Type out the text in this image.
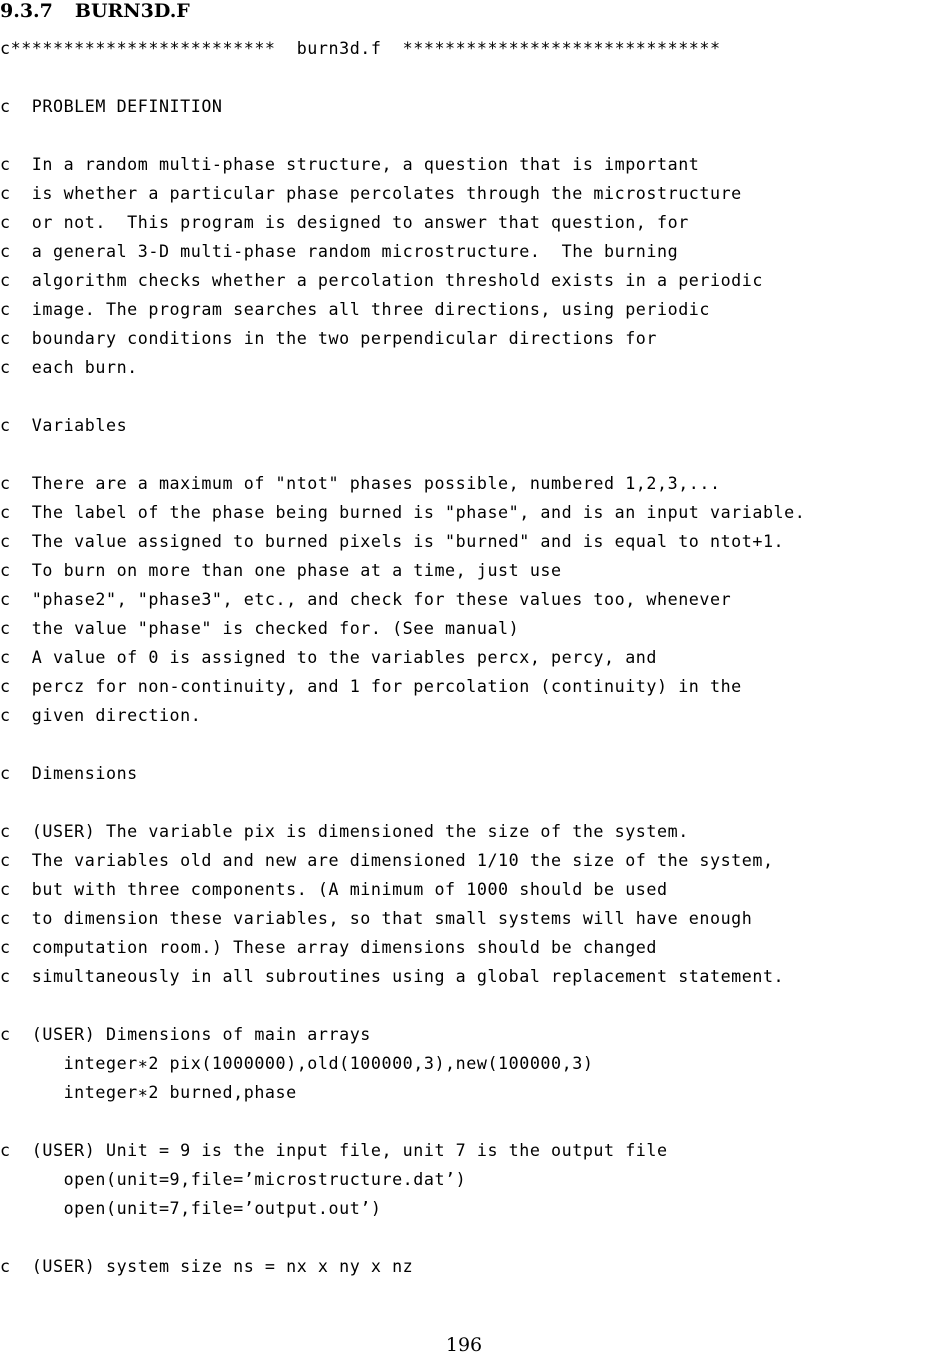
9.3.7 BURN3D.F
c*************************  burn3d.f  ******************************
c  PROBLEM DEFINITION
c  In a random multi-phase structure, a question that is important
c  is whether a particular phase percolates through the microstructure
c  or not.  This program is designed to answer that question, for
c  a general 3-D multi-phase random microstructure.  The burning
c  algorithm checks whether a percolation threshold exists in a periodic
c  image. The program searches all three directions, using periodic
c  boundary conditions in the two perpendicular directions for
c  each burn.
c  Variables
c  There are a maximum of "ntot" phases possible, numbered 1,2,3,...
c  The label of the phase being burned is "phase", and is an input variable.
c  The value assigned to burned pixels is "burned" and is equal to ntot+1.
c  To burn on more than one phase at a time, just use
c  "phase2", "phase3", etc., and check for these values too, whenever
c  the value "phase" is checked for. (See manual)
c  A value of 0 is assigned to the variables percx, percy, and
c  percz for non-continuity, and 1 for percolation (continuity) in the
c  given direction.
c  Dimensions
c  (USER) The variable pix is dimensioned the size of the system.
c  The variables old and new are dimensioned 1/10 the size of the system,
c  but with three components. (A minimum of 1000 should be used
c  to dimension these variables, so that small systems will have enough
c  computation room.) These array dimensions should be changed
c  simultaneously in all subroutines using a global replacement statement.
c  (USER) Dimensions of main arrays
integer∗2 pix(1000000),old(100000,3),new(100000,3)
integer∗2 burned,phase
c  (USER) Unit = 9 is the input file, unit 7 is the output file
open(unit=9,file=’microstructure.dat’)
open(unit=7,file=’output.out’)
c  (USER) system size ns = nx x ny x nz
196
